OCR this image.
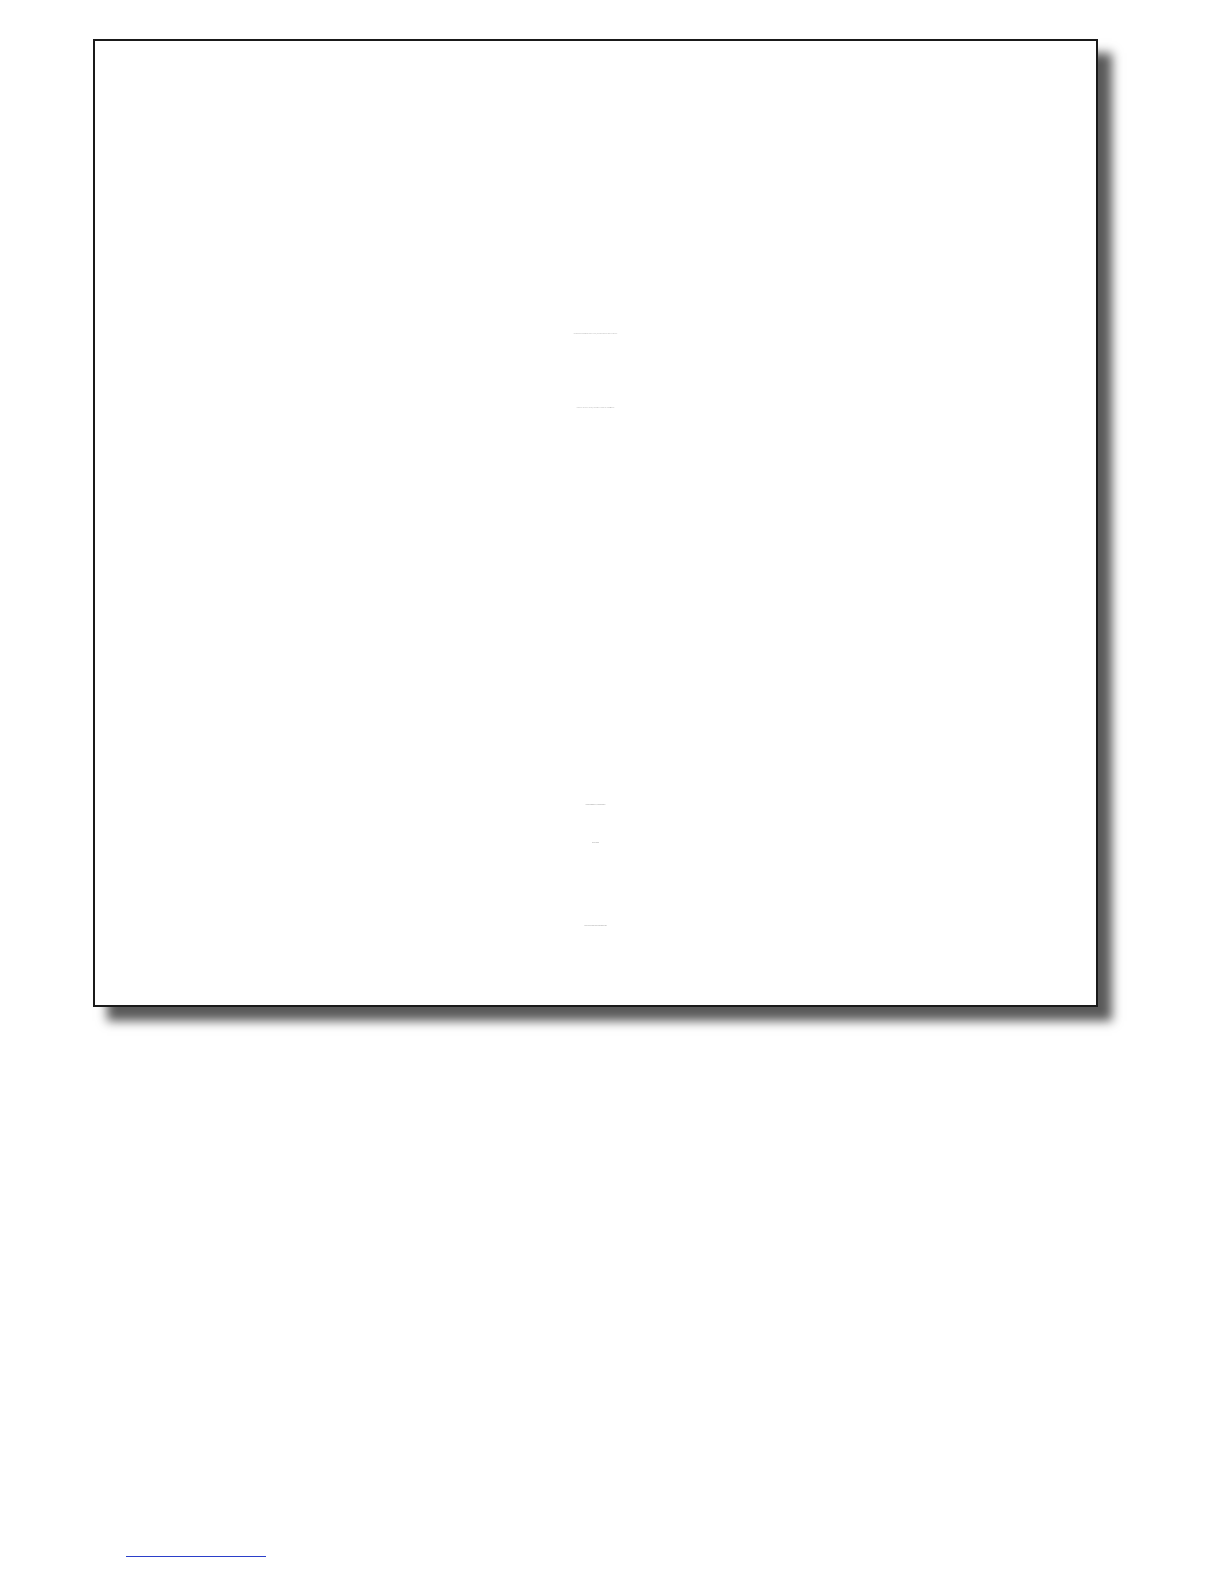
INSTRUKTIONER VEDRØRENDE INSTALLATION, VEDLIGEHOLDELSE OG BRUG AF EMHÆTTE
ΟΔΗΓΙΕΣ ΓΙΑ ΤΗΝ ΕΓΚΑΤΑΣΤΑΣΗ, ΣΥΝΤΗΡΗΣΗ ΚΑΙ ΧΡΗΣΗ ΤΟΥ ΑΠΟΡΡΟΦΗΤΗΡΑ
